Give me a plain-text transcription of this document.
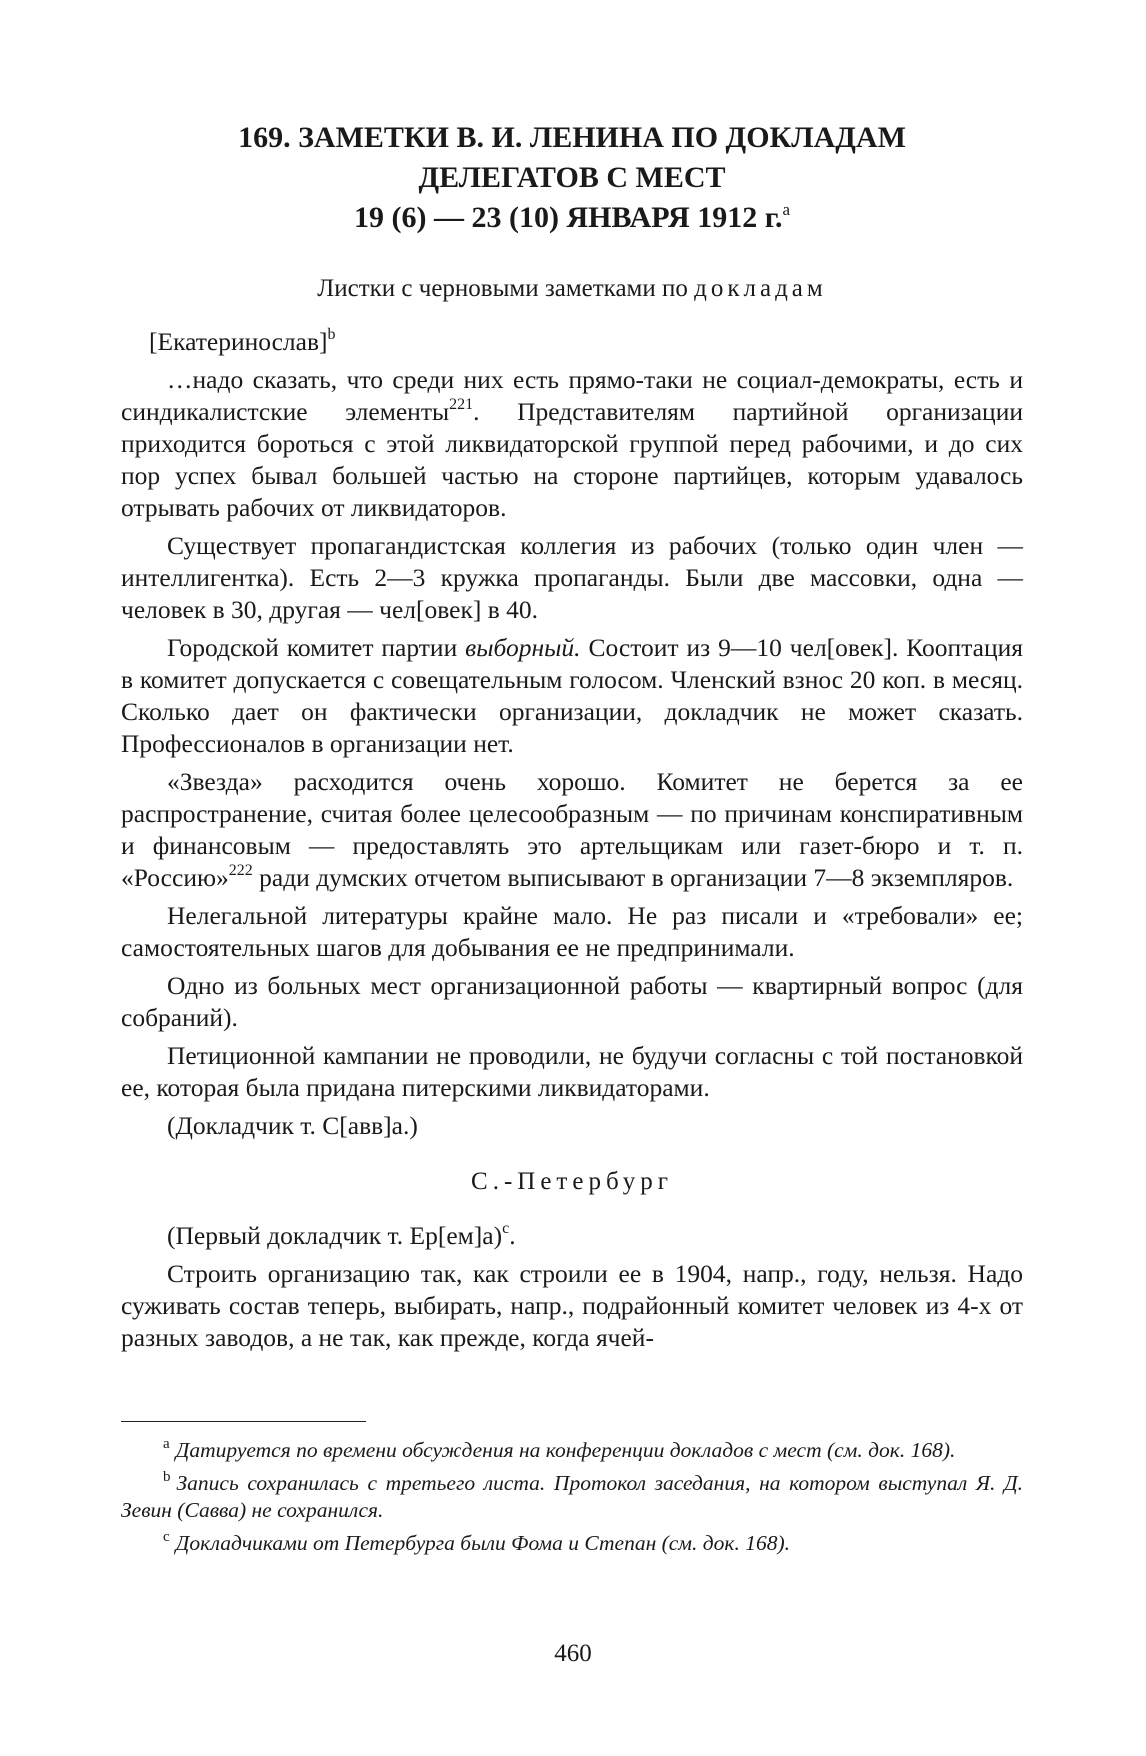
169. ЗАМЕТКИ В. И. ЛЕНИНА ПО ДОКЛАДАМ
ДЕЛЕГАТОВ С МЕСТ
19 (6) — 23 (10) ЯНВАРЯ 1912 г.$^а$
Листки с черновыми заметками по докладам

[Екатеринослав]$^b$

…надо сказать, что среди них есть прямо-таки не социал-демократы, есть и синдикалистские элементы$^{221}$. Представителям партийной организации приходится бороться с этой ликвидаторской группой перед рабочими, и до сих пор успех бывал большей частью на стороне партийцев, которым удавалось отрывать рабочих от ликвидаторов.

Существует пропагандистская коллегия из рабочих (только один член — интеллигентка). Есть 2—3 кружка пропаганды. Были две массовки, одна — человек в 30, другая — чел[овек] в 40.

Городской комитет партии выборный. Состоит из 9—10 чел[овек]. Кооптация в комитет допускается с совещательным голосом. Членский взнос 20 коп. в месяц. Сколько дает он фактически организации, докладчик не может сказать. Профессионалов в организации нет.

«Звезда» расходится очень хорошо. Комитет не берется за ее распространение, считая более целесообразным — по причинам конспиративным и финансовым — предоставлять это артельщикам или газет-бюро и т. п. «Россию»$^{222}$ ради думских отчетом выписывают в организации 7—8 экземпляров.

Нелегальной литературы крайне мало. Не раз писали и «требовали» ее; самостоятельных шагов для добывания ее не предпринимали.

Одно из больных мест организационной работы — квартирный вопрос (для собраний).

Петиционной кампании не проводили, не будучи согласны с той постановкой ее, которая была придана питерскими ликвидаторами.

(Докладчик т. С[авв]а.)

С.-Петербург

(Первый докладчик т. Ер[ем]а)$^с$.

Строить организацию так, как строили ее в 1904, напр., году, нельзя. Надо суживать состав теперь, выбирать, напр., подрайонный комитет человек из 4-х от разных заводов, а не так, как прежде, когда ячей-

$^а$ Датируется по времени обсуждения на конференции докладов с мест (см. док. 168).

$^b$ Запись сохранилась с третьего листа. Протокол заседания, на котором выступал Я. Д. Зевин (Савва) не сохранился.

$^с$ Докладчиками от Петербурга были Фома и Степан (см. док. 168).

460
